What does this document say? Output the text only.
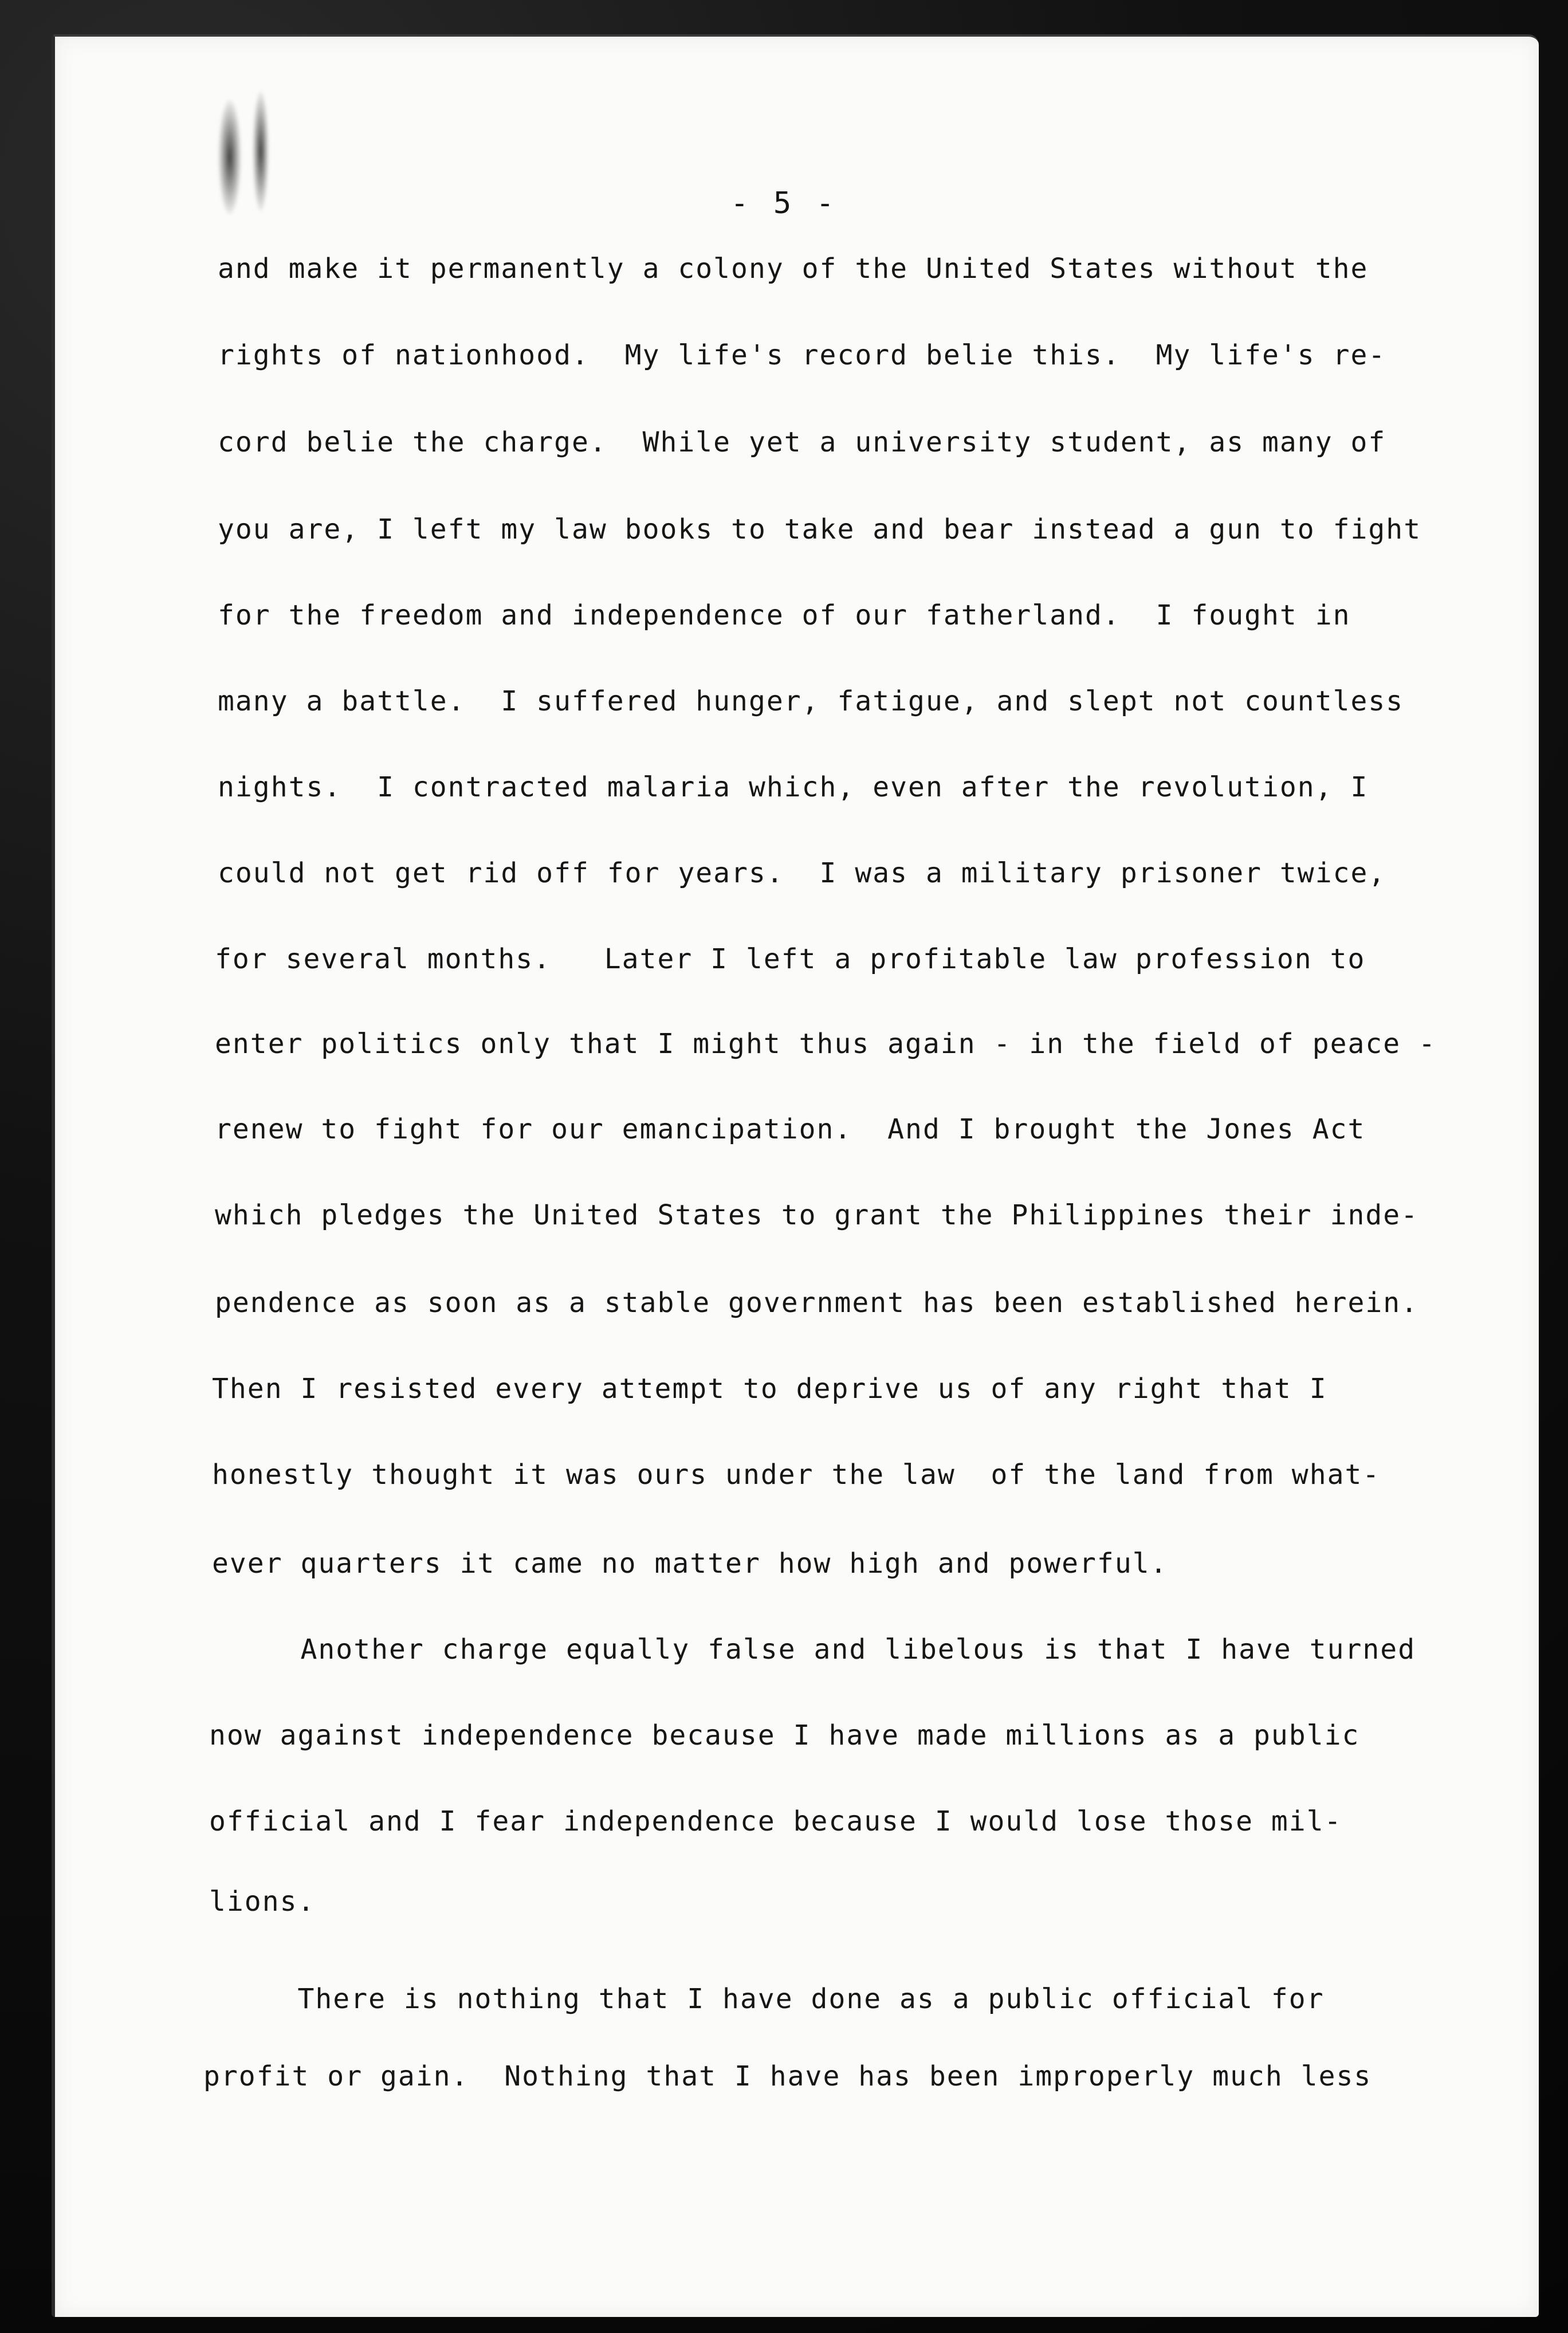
- 5 -
and make it permanently a colony of the United States without the
rights of nationhood.  My life's record belie this.  My life's re-
cord belie the charge.  While yet a university student, as many of
you are, I left my law books to take and bear instead a gun to fight
for the freedom and independence of our fatherland.  I fought in
many a battle.  I suffered hunger, fatigue, and slept not countless
nights.  I contracted malaria which, even after the revolution, I
could not get rid off for years.  I was a military prisoner twice,
for several months.   Later I left a profitable law profession to
enter politics only that I might thus again - in the field of peace -
renew to fight for our emancipation.  And I brought the Jones Act
which pledges the United States to grant the Philippines their inde-
pendence as soon as a stable government has been established herein.
Then I resisted every attempt to deprive us of any right that I
honestly thought it was ours under the law  of the land from what-
ever quarters it came no matter how high and powerful.
Another charge equally false and libelous is that I have turned
now against independence because I have made millions as a public
official and I fear independence because I would lose those mil-
lions.
There is nothing that I have done as a public official for
profit or gain.  Nothing that I have has been improperly much less
